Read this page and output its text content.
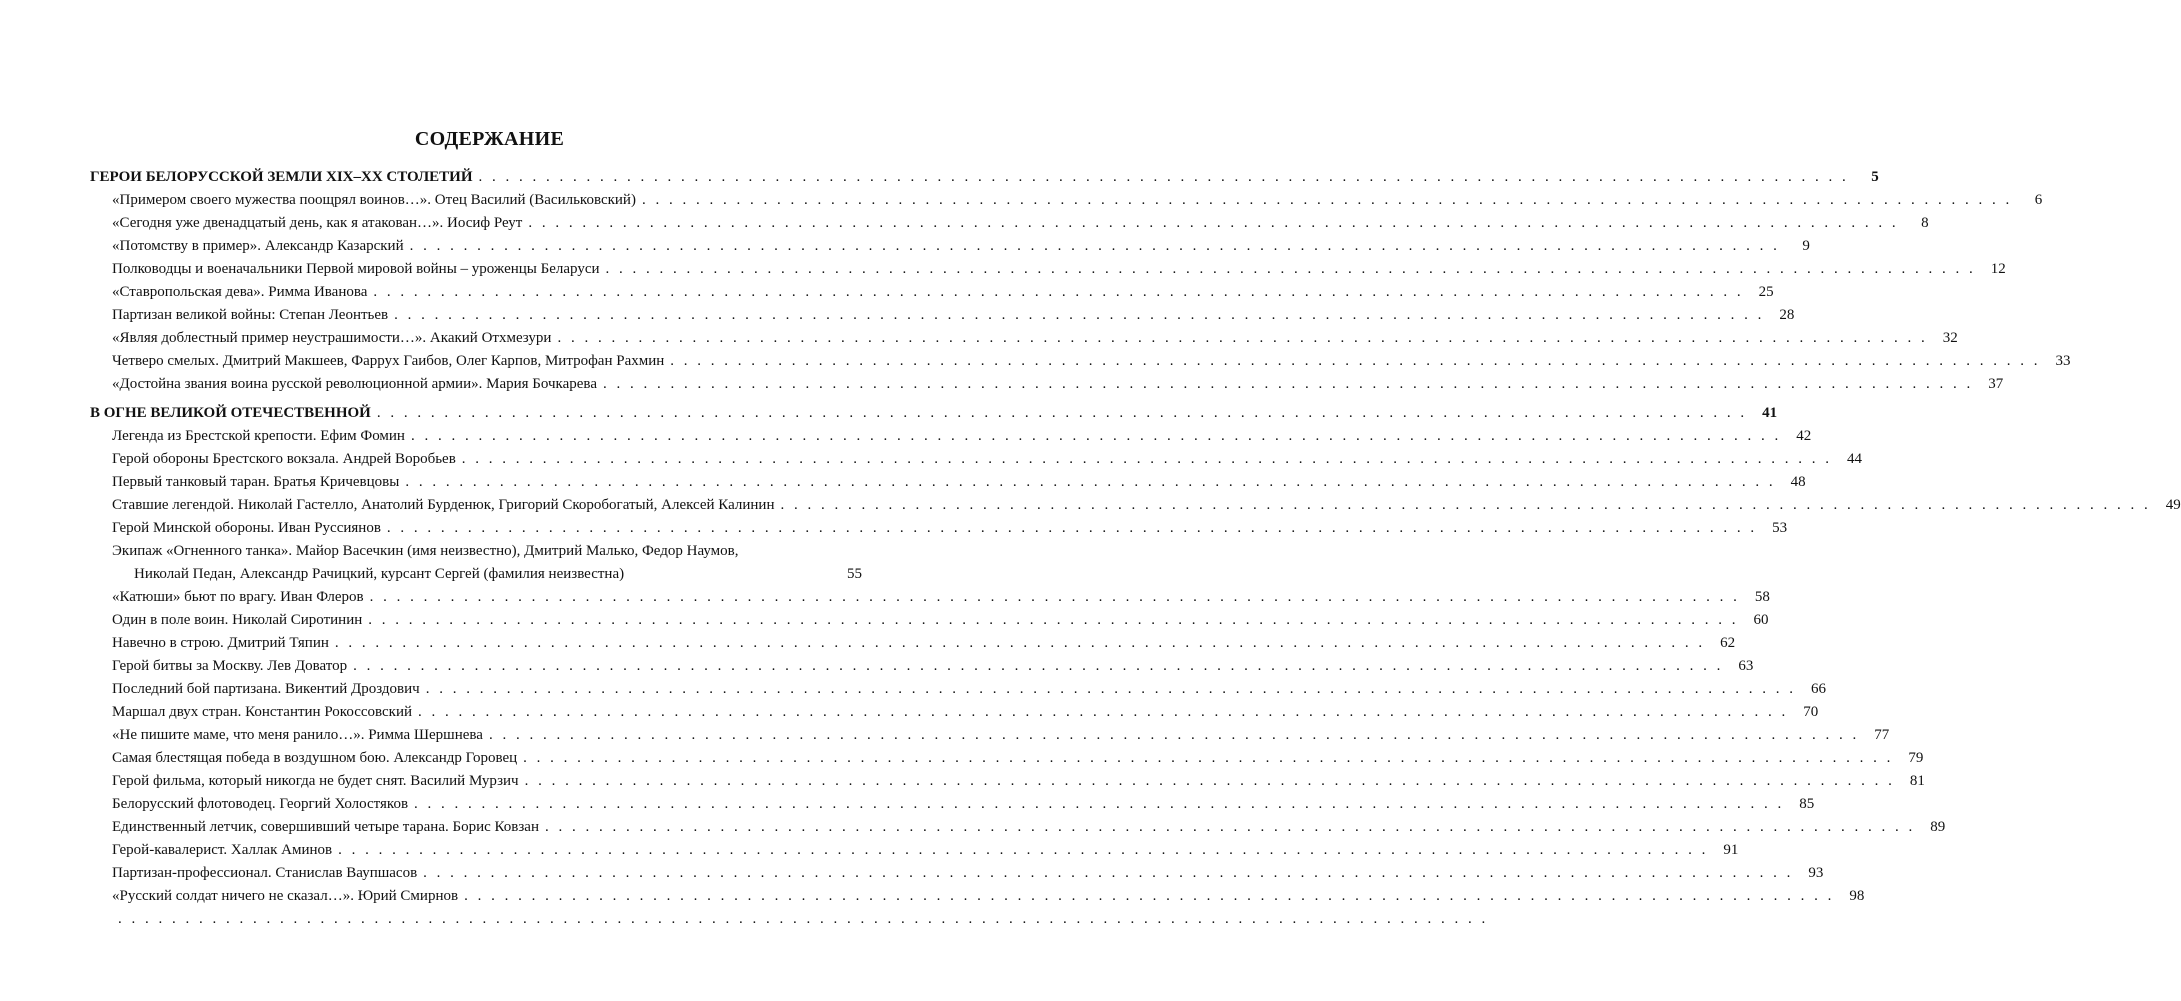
СОДЕРЖАНИЕ
ГЕРОИ БЕЛОРУССКОЙ ЗЕМЛИ XIX–XX СТОЛЕТИЙ . . .	5
«Примером своего мужества поощрял воинов…». Отец Василий (Васильковский) . . .	6
«Сегодня уже двенадцатый день, как я атакован…». Иосиф Реут . . .	8
«Потомству в пример». Александр Казарский . . .	9
Полководцы и военачальники Первой мировой войны – уроженцы Беларуси . . .	12
«Ставропольская дева». Римма Иванова . . .	25
Партизан великой войны: Степан Леонтьев . . .	28
«Являя доблестный пример неустрашимости…». Акакий Отхмезури . . .	32
Четверо смелых. Дмитрий Макшеев, Фаррух Гаибов, Олег Карпов, Митрофан Рахмин . . .	33
«Достойна звания воина русской революционной армии». Мария Бочкарева . . .	37
В ОГНЕ ВЕЛИКОЙ ОТЕЧЕСТВЕННОЙ . . .	41
Легенда из Брестской крепости. Ефим Фомин . . .	42
Герой обороны Брестского вокзала. Андрей Воробьев . . .	44
Первый танковый таран. Братья Кричевцовы . . .	48
Ставшие легендой. Николай Гастелло, Анатолий Бурденюк, Григорий Скоробогатый, Алексей Калинин . . .	49
Герой Минской обороны. Иван Руссиянов . . .	53
Экипаж «Огненного танка». Майор Васечкин (имя неизвестно), Дмитрий Малько, Федор Наумов,
Николай Педан, Александр Рачицкий, курсант Сергей (фамилия неизвестна)	55
«Катюши» бьют по врагу. Иван Флеров . . .	58
Один в поле воин. Николай Сиротинин . . .	60
Навечно в строю. Дмитрий Тяпин . . .	62
Герой битвы за Москву. Лев Доватор . . .	63
Последний бой партизана. Викентий Дроздович . . .	66
Маршал двух стран. Константин Рокоссовский . . .	70
«Не пишите маме, что меня ранило…». Римма Шершнева . . .	77
Самая блестящая победа в воздушном бою. Александр Горовец . . .	79
Герой фильма, который никогда не будет снят. Василий Мурзич . . .	81
Белорусский флотоводец. Георгий Холостяков . . .	85
Единственный летчик, совершивший четыре тарана. Борис Ковзан . . .	89
Герой-кавалерист. Халлак Аминов . . .	91
Партизан-профессионал. Станислав Ваупшасов . . .	93
«Русский солдат ничего не сказал…». Юрий Смирнов . . .	98
. . .
